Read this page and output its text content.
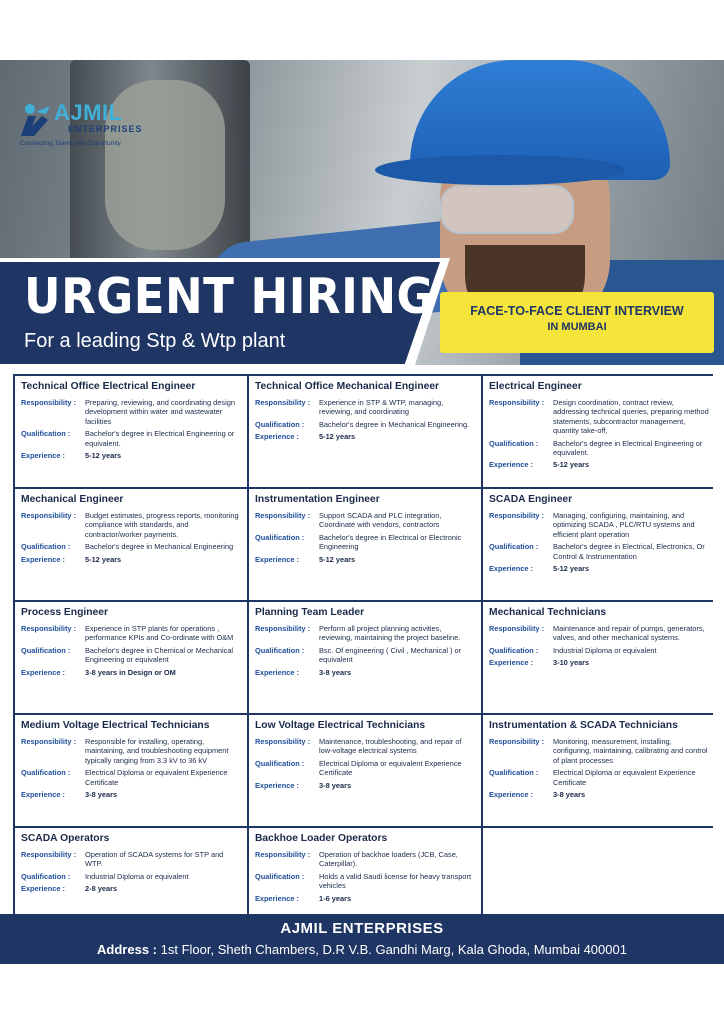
AJMIL
ENTERPRISES
Connecting Talent with Opportunity
URGENT HIRING
For a leading Stp & Wtp plant
FACE-TO-FACE CLIENT INTERVIEW
IN MUMBAI
Technical Office Electrical Engineer
Responsibility :	Preparing, reviewing, and coordinating design development within water and wastewater facilities
Qualification :	Bachelor's degree in Electrical Engineering or equivalent.
Experience :	5-12 years
Technical Office Mechanical Engineer
Responsibility :	Experience in STP & WTP, managing, reviewing, and coordinating
Qualification :	Bachelor's degree in Mechanical Engineering.
Experience :	5-12 years
Electrical Engineer
Responsibility :	Design coordination, contract review, addressing technical queries, preparing method statements, subcontractor management, quantity take-off,
Qualification :	Bachelor's degree in Electrical Engineering or equivalent.
Experience :	5-12 years
Mechanical Engineer
Responsibility :	Budget estimates, progress reports, monitoring compliance with standards, and contractor/worker payments.
Qualification :	Bachelor's degree in Mechanical Engineering
Experience :	5-12 years
Instrumentation Engineer
Responsibility :	Support SCADA and PLC integration, Coordinate with vendors, contractors
Qualification :	Bachelor's degree in Electrical or Electronic Engineering
Experience :	5-12 years
SCADA Engineer
Responsibility :	Managing, configuring, maintaining, and optimizing SCADA , PLC/RTU systems and efficient plant operation
Qualification :	Bachelor's degree in Electrical, Electronics, Or Control & Instrumentation
Experience :	5-12 years
Process Engineer
Responsibility :	Experience in STP plants for operations , performance KPIs and Co-ordinate with O&M
Qualification :	Bachelor's degree in Chemical or Mechanical Engineering or equivalent
Experience :	3-8 years in Design or OM
Planning Team Leader
Responsibility :	Perform all project planning activities, reviewing, maintaining the project baseline.
Qualification :	Bsc. Of engineering ( Civil , Mechanical ) or equivalent
Experience :	3-8 years
Mechanical Technicians
Responsibility :	Maintenance and repair of pumps, generators, valves, and other mechanical systems.
Qualification :	Industrial Diploma or equivalent
Experience :	3-10 years
Medium Voltage Electrical Technicians
Responsibility :	Responsible for installing, operating, maintaining, and troubleshooting equipment typically ranging from 3.3 kV to 36 kV
Qualification :	Electrical Diploma or equivalent Experience Certificate
Experience :	3-8 years
Low Voltage Electrical Technicians
Responsibility :	Maintenance, troubleshooting, and repair of low-voltage electrical systems
Qualification :	Electrical Diploma or equivalent Experience Certificate
Experience :	3-8 years
Instrumentation & SCADA Technicians
Responsibility :	Monitoring, measurement, installing, configuring, maintaining, calibrating and control of plant processes
Qualification :	Electrical Diploma or equivalent Experience Certificate
Experience :	3-8 years
SCADA Operators
Responsibility :	Operation of SCADA systems for STP and WTP.
Qualification :	Industrial Diploma or equivalent
Experience :	2-8 years
Backhoe Loader Operators
Responsibility :	Operation of backhoe loaders (JCB, Case, Caterpillar).
Qualification :	Holds a valid Saudi license for heavy transport vehicles
Experience :	1-6 years
AJMIL ENTERPRISES
Address : 1st Floor, Sheth Chambers, D.R V.B. Gandhi Marg, Kala Ghoda, Mumbai 400001
